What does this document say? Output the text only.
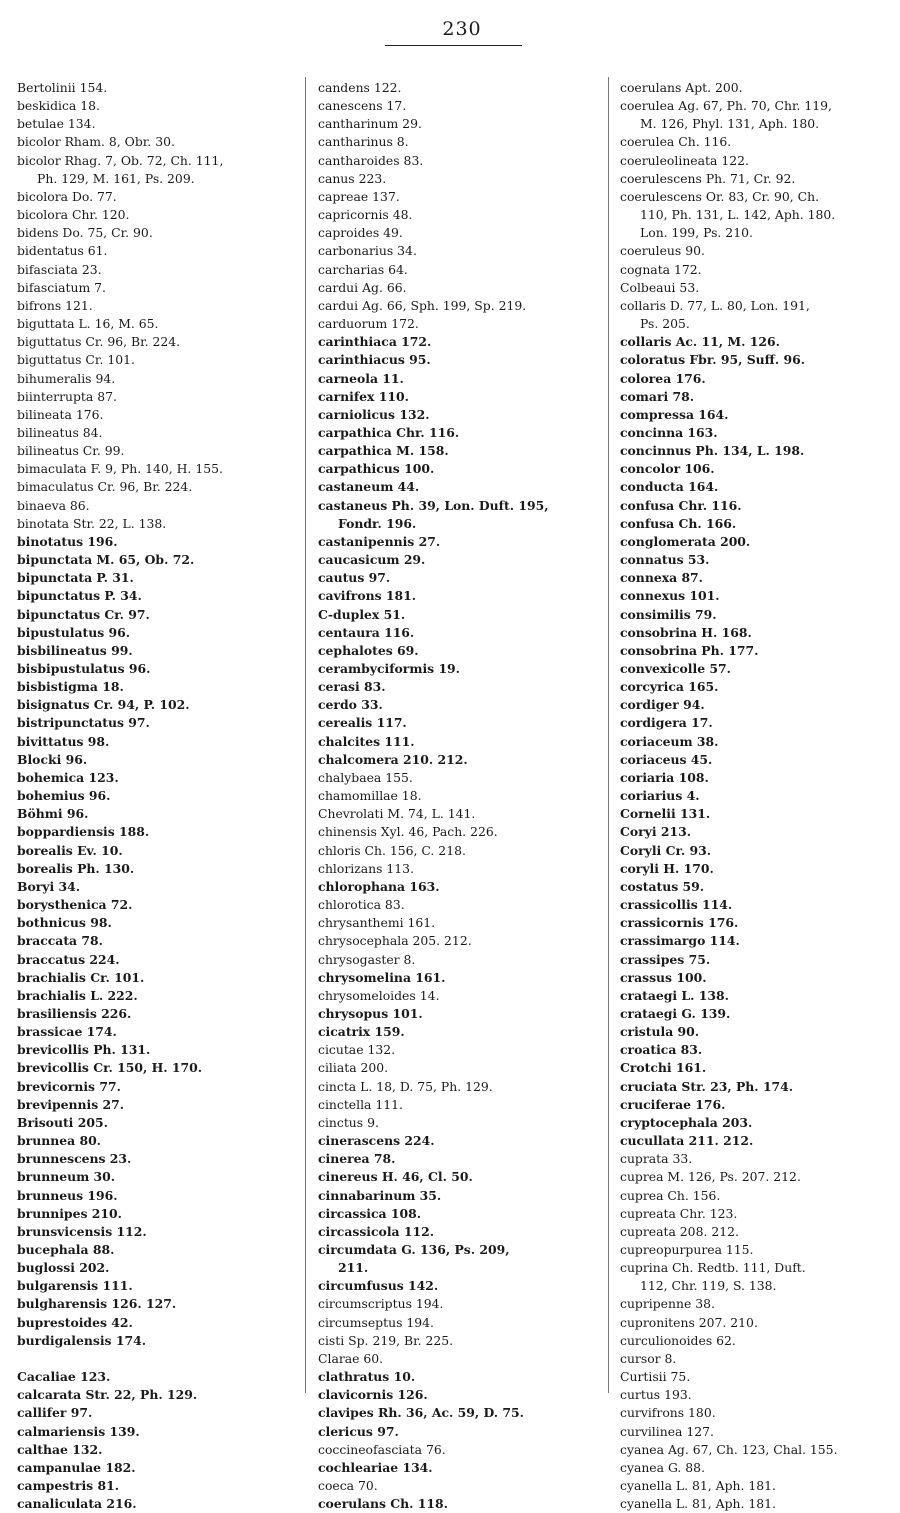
230
Bertolinii 154.
beskidica 18.
betulae 134.
bicolor Rham. 8, Obr. 30.
bicolor Rhag. 7, Ob. 72, Ch. 111,
Ph. 129, M. 161, Ps. 209.
bicolora Do. 77.
bicolora Chr. 120.
bidens Do. 75, Cr. 90.
bidentatus 61.
bifasciata 23.
bifasciatum 7.
bifrons 121.
biguttata L. 16, M. 65.
biguttatus Cr. 96, Br. 224.
biguttatus Cr. 101.
bihumeralis 94.
biinterrupta 87.
bilineata 176.
bilineatus 84.
bilineatus Cr. 99.
bimaculata F. 9, Ph. 140, H. 155.
bimaculatus Cr. 96, Br. 224.
binaeva 86.
binotata Str. 22, L. 138.
binotatus 196.
bipunctata M. 65, Ob. 72.
bipunctata P. 31.
bipunctatus P. 34.
bipunctatus Cr. 97.
bipustulatus 96.
bisbilineatus 99.
bisbipustulatus 96.
bisbistigma 18.
bisignatus Cr. 94, P. 102.
bistripunctatus 97.
bivittatus 98.
Blocki 96.
bohemica 123.
bohemius 96.
Böhmi 96.
boppardiensis 188.
borealis Ev. 10.
borealis Ph. 130.
Boryi 34.
borysthenica 72.
bothnicus 98.
braccata 78.
braccatus 224.
brachialis Cr. 101.
brachialis L. 222.
brasiliensis 226.
brassicae 174.
brevicollis Ph. 131.
brevicollis Cr. 150, H. 170.
brevicornis 77.
brevipennis 27.
Brisouti 205.
brunnea 80.
brunnescens 23.
brunneum 30.
brunneus 196.
brunnipes 210.
brunsvicensis 112.
bucephala 88.
buglossi 202.
bulgarensis 111.
bulgharensis 126. 127.
buprestoides 42.
burdigalensis 174.
Cacaliae 123.
calcarata Str. 22, Ph. 129.
callifer 97.
calmariensis 139.
calthae 132.
campanulae 182.
campestris 81.
canaliculata 216.
candens 122.
canescens 17.
cantharinum 29.
cantharinus 8.
cantharoides 83.
canus 223.
capreae 137.
capricornis 48.
caproides 49.
carbonarius 34.
carcharias 64.
cardui Ag. 66.
cardui Ag. 66, Sph. 199, Sp. 219.
carduorum 172.
carinthiaca 172.
carinthiacus 95.
carneola 11.
carnifex 110.
carniolicus 132.
carpathica Chr. 116.
carpathica M. 158.
carpathicus 100.
castaneum 44.
castaneus Ph. 39, Lon. Duft. 195,
Fondr. 196.
castanipennis 27.
caucasicum 29.
cautus 97.
cavifrons 181.
C-duplex 51.
centaura 116.
cephalotes 69.
cerambyciformis 19.
cerasi 83.
cerdo 33.
cerealis 117.
chalcites 111.
chalcomera 210. 212.
chalybaea 155.
chamomillae 18.
Chevrolati M. 74, L. 141.
chinensis Xyl. 46, Pach. 226.
chloris Ch. 156, C. 218.
chlorizans 113.
chlorophana 163.
chlorotica 83.
chrysanthemi 161.
chrysocephala 205. 212.
chrysogaster 8.
chrysomelina 161.
chrysomeloides 14.
chrysopus 101.
cicatrix 159.
cicutae 132.
ciliata 200.
cincta L. 18, D. 75, Ph. 129.
cinctella 111.
cinctus 9.
cinerascens 224.
cinerea 78.
cinereus H. 46, Cl. 50.
cinnabarinum 35.
circassica 108.
circassicola 112.
circumdata G. 136, Ps. 209,
211.
circumfusus 142.
circumscriptus 194.
circumseptus 194.
cisti Sp. 219, Br. 225.
Clarae 60.
clathratus 10.
clavicornis 126.
clavipes Rh. 36, Ac. 59, D. 75.
clericus 97.
coccineofasciata 76.
cochleariae 134.
coeca 70.
coerulans Ch. 118.
coerulans Apt. 200.
coerulea Ag. 67, Ph. 70, Chr. 119,
M. 126, Phyl. 131, Aph. 180.
coerulea Ch. 116.
coeruleolineata 122.
coerulescens Ph. 71, Cr. 92.
coerulescens Or. 83, Cr. 90, Ch.
110, Ph. 131, L. 142, Aph. 180.
Lon. 199, Ps. 210.
coeruleus 90.
cognata 172.
Colbeaui 53.
collaris D. 77, L. 80, Lon. 191,
Ps. 205.
collaris Ac. 11, M. 126.
coloratus Fbr. 95, Suff. 96.
colorea 176.
comari 78.
compressa 164.
concinna 163.
concinnus Ph. 134, L. 198.
concolor 106.
conducta 164.
confusa Chr. 116.
confusa Ch. 166.
conglomerata 200.
connatus 53.
connexa 87.
connexus 101.
consimilis 79.
consobrina H. 168.
consobrina Ph. 177.
convexicolle 57.
corcyrica 165.
cordiger 94.
cordigera 17.
coriaceum 38.
coriaceus 45.
coriaria 108.
coriarius 4.
Cornelii 131.
Coryi 213.
Coryli Cr. 93.
coryli H. 170.
costatus 59.
crassicollis 114.
crassicornis 176.
crassimargo 114.
crassipes 75.
crassus 100.
crataegi L. 138.
crataegi G. 139.
cristula 90.
croatica 83.
Crotchi 161.
cruciata Str. 23, Ph. 174.
cruciferae 176.
cryptocephala 203.
cucullata 211. 212.
cuprata 33.
cuprea M. 126, Ps. 207. 212.
cuprea Ch. 156.
cupreata Chr. 123.
cupreata 208. 212.
cupreopurpurea 115.
cuprina Ch. Redtb. 111, Duft.
112, Chr. 119, S. 138.
cupripenne 38.
cupronitens 207. 210.
curculionoides 62.
cursor 8.
Curtisii 75.
curtus 193.
curvifrons 180.
curvilinea 127.
cyanea Ag. 67, Ch. 123, Chal. 155.
cyanea G. 88.
cyanella L. 81, Aph. 181.
cyanella L. 81, Aph. 181.
